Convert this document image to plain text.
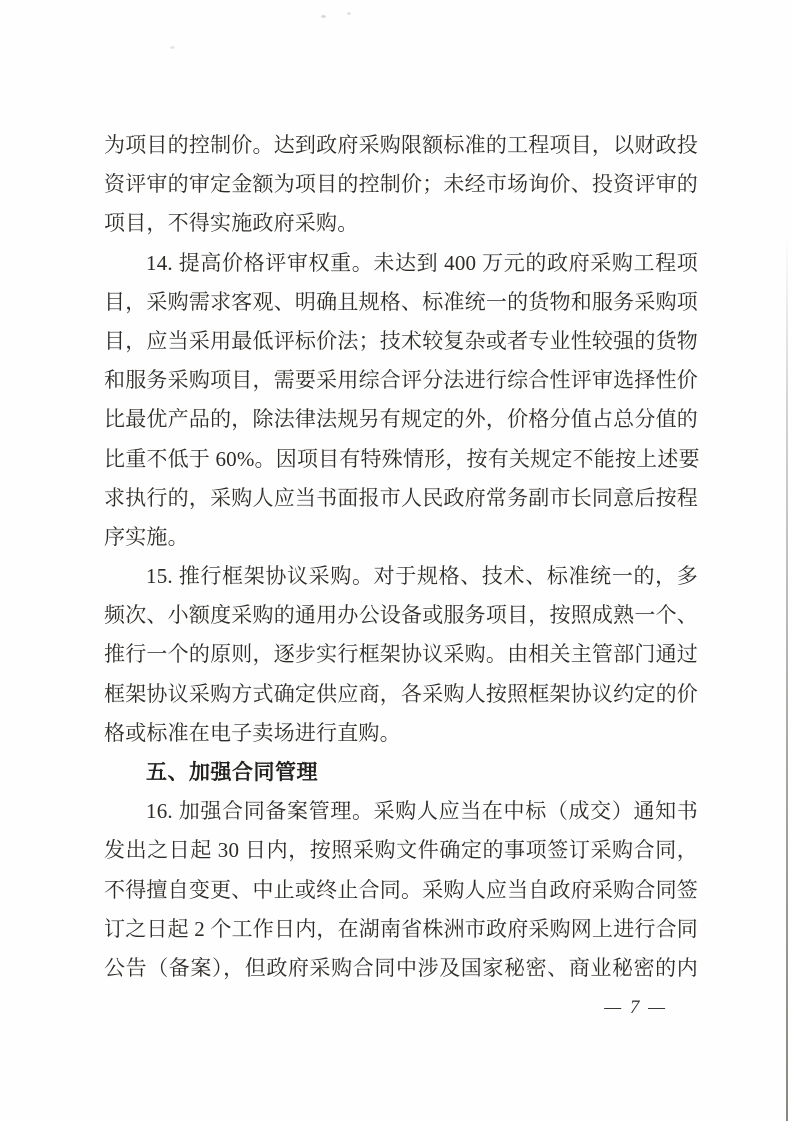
为项目的控制价。达到政府采购限额标准的工程项目，以财政投
资评审的审定金额为项目的控制价；未经市场询价、投资评审的
项目，不得实施政府采购。
14. 提高价格评审权重。未达到 400 万元的政府采购工程项
目，采购需求客观、明确且规格、标准统一的货物和服务采购项
目，应当采用最低评标价法；技术较复杂或者专业性较强的货物
和服务采购项目，需要采用综合评分法进行综合性评审选择性价
比最优产品的，除法律法规另有规定的外，价格分值占总分值的
比重不低于 60%。因项目有特殊情形，按有关规定不能按上述要
求执行的，采购人应当书面报市人民政府常务副市长同意后按程
序实施。
15. 推行框架协议采购。对于规格、技术、标准统一的，多
频次、小额度采购的通用办公设备或服务项目，按照成熟一个、
推行一个的原则，逐步实行框架协议采购。由相关主管部门通过
框架协议采购方式确定供应商，各采购人按照框架协议约定的价
格或标准在电子卖场进行直购。
五、加强合同管理
16. 加强合同备案管理。采购人应当在中标（成交）通知书
发出之日起 30 日内，按照采购文件确定的事项签订采购合同，
不得擅自变更、中止或终止合同。采购人应当自政府采购合同签
订之日起 2 个工作日内，在湖南省株洲市政府采购网上进行合同
公告（备案），但政府采购合同中涉及国家秘密、商业秘密的内
— 7 —
